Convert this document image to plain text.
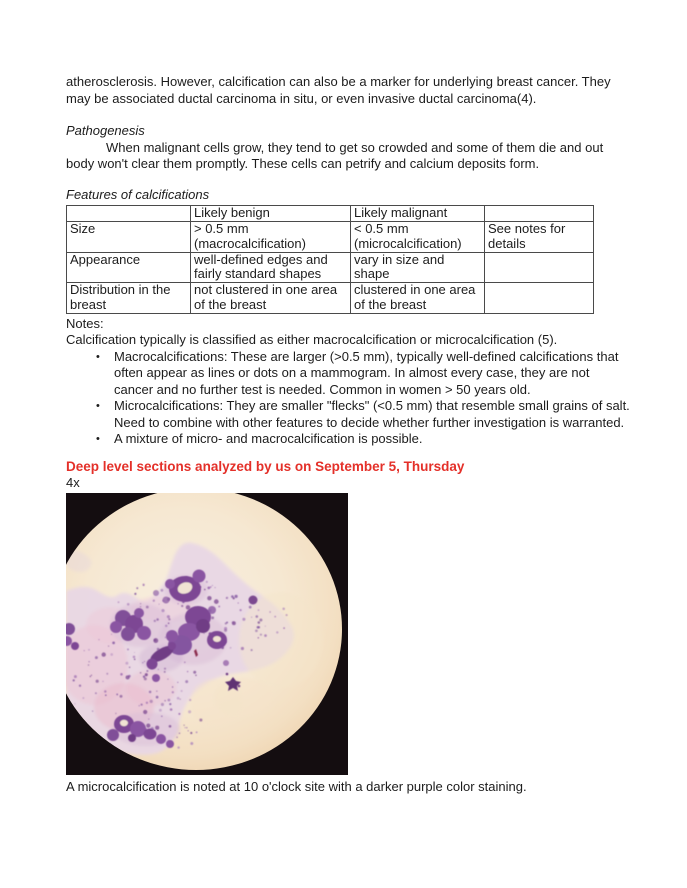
atherosclerosis. However, calcification can also be a marker for underlying breast cancer. They may be associated ductal carcinoma in situ, or even invasive ductal carcinoma(4).

Pathogenesis

When malignant cells grow, they tend to get so crowded and some of them die and out body won't clear them promptly. These cells can petrify and calcium deposits form.

Features of calcifications

	Likely benign	Likely malignant	
Size	> 0.5 mm (macrocalcification)	< 0.5 mm (microcalcification)	See notes for details
Appearance	well-defined edges and fairly standard shapes	vary in size and shape	
Distribution in the breast	not clustered in one area of the breast	clustered in one area of the breast	

Notes:

Calcification typically is classified as either macrocalcification or microcalcification (5).

• Macrocalcifications: These are larger (>0.5 mm), typically well-defined calcifications that often appear as lines or dots on a mammogram. In almost every case, they are not cancer and no further test is needed. Common in women > 50 years old.
• Microcalcifications: They are smaller "flecks" (<0.5 mm) that resemble small grains of salt. Need to combine with other features to decide whether further investigation is warranted.
• A mixture of micro- and macrocalcification is possible.

Deep level sections analyzed by us on September 5, Thursday

4x

A microcalcification is noted at 10 o'clock site with a darker purple color staining.
